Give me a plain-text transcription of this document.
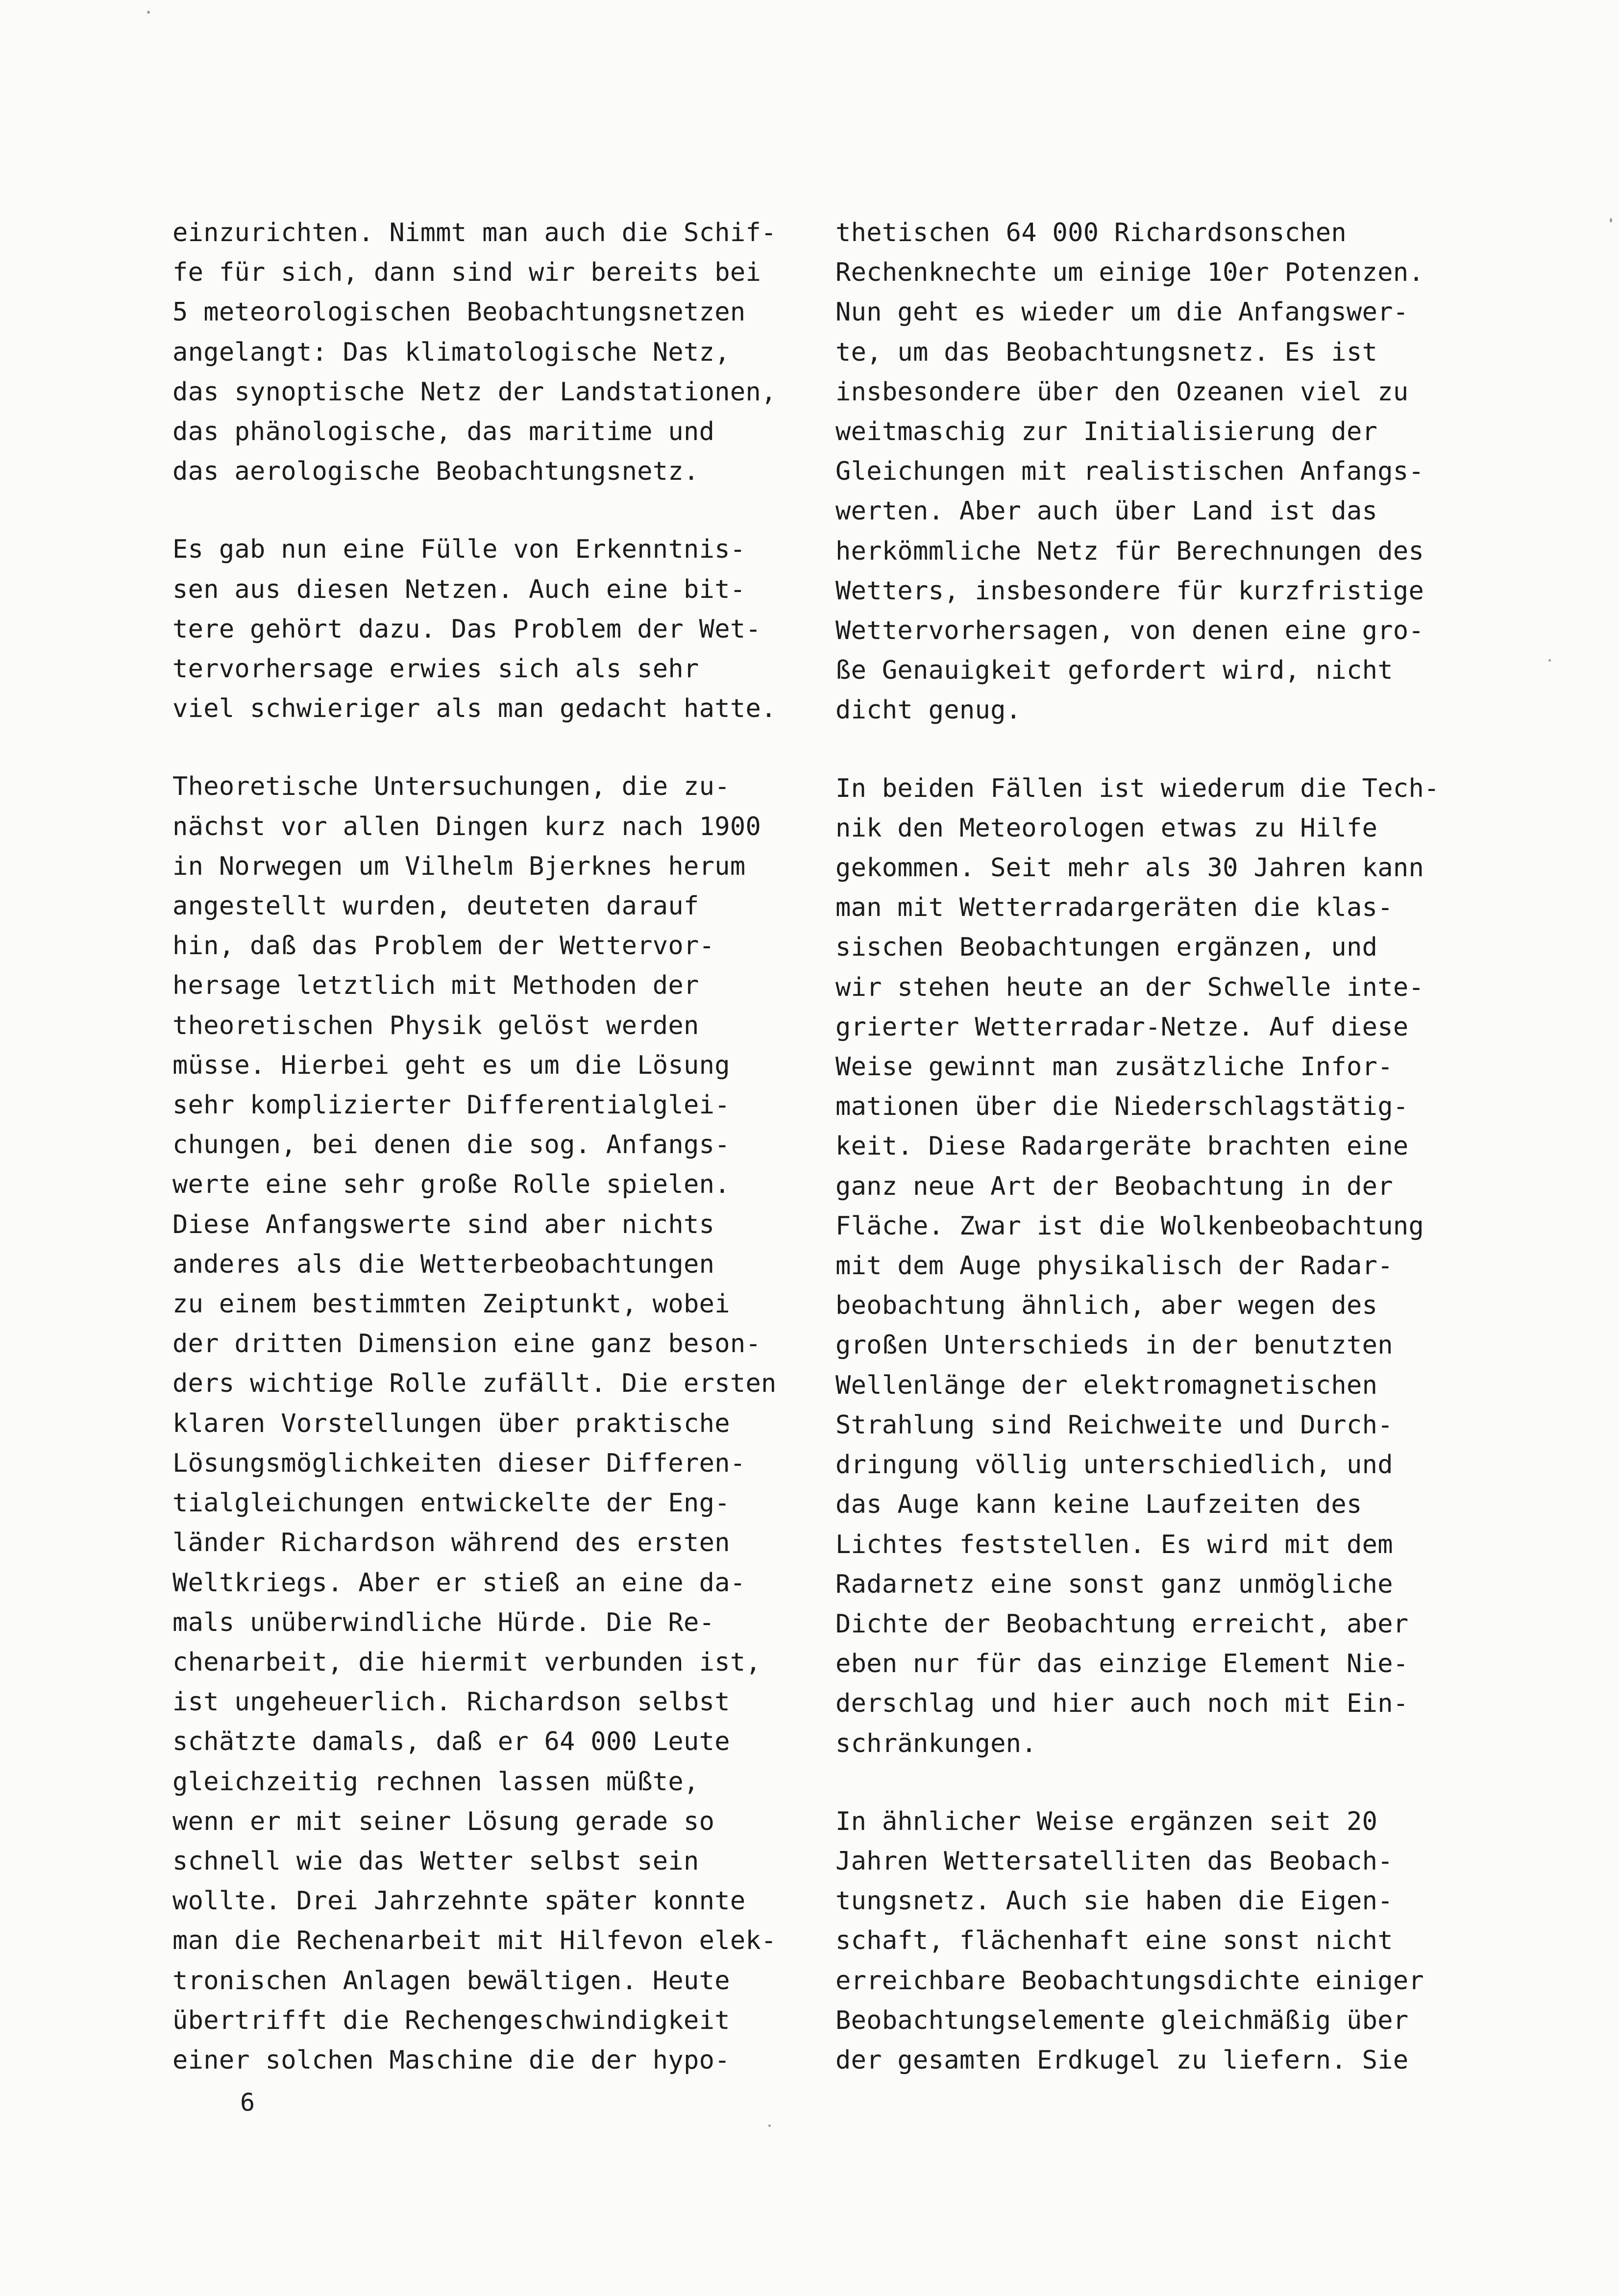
einzurichten. Nimmt man auch die Schif-
fe für sich, dann sind wir bereits bei
5 meteorologischen Beobachtungsnetzen
angelangt: Das klimatologische Netz,
das synoptische Netz der Landstationen,
das phänologische, das maritime und
das aerologische Beobachtungsnetz.
Es gab nun eine Fülle von Erkenntnis-
sen aus diesen Netzen. Auch eine bit-
tere gehört dazu. Das Problem der Wet-
tervorhersage erwies sich als sehr
viel schwieriger als man gedacht hatte.
Theoretische Untersuchungen, die zu-
nächst vor allen Dingen kurz nach 1900
in Norwegen um Vilhelm Bjerknes herum
angestellt wurden, deuteten darauf
hin, daß das Problem der Wettervor-
hersage letztlich mit Methoden der
theoretischen Physik gelöst werden
müsse. Hierbei geht es um die Lösung
sehr komplizierter Differentialglei-
chungen, bei denen die sog. Anfangs-
werte eine sehr große Rolle spielen.
Diese Anfangswerte sind aber nichts
anderes als die Wetterbeobachtungen
zu einem bestimmten Zeiptunkt, wobei
der dritten Dimension eine ganz beson-
ders wichtige Rolle zufällt. Die ersten
klaren Vorstellungen über praktische
Lösungsmöglichkeiten dieser Differen-
tialgleichungen entwickelte der Eng-
länder Richardson während des ersten
Weltkriegs. Aber er stieß an eine da-
mals unüberwindliche Hürde. Die Re-
chenarbeit, die hiermit verbunden ist,
ist ungeheuerlich. Richardson selbst
schätzte damals, daß er 64 000 Leute
gleichzeitig rechnen lassen müßte,
wenn er mit seiner Lösung gerade so
schnell wie das Wetter selbst sein
wollte. Drei Jahrzehnte später konnte
man die Rechenarbeit mit Hilfevon elek-
tronischen Anlagen bewältigen. Heute
übertrifft die Rechengeschwindigkeit
einer solchen Maschine die der hypo-
thetischen 64 000 Richardsonschen
Rechenknechte um einige 10er Potenzen.
Nun geht es wieder um die Anfangswer-
te, um das Beobachtungsnetz. Es ist
insbesondere über den Ozeanen viel zu
weitmaschig zur Initialisierung der
Gleichungen mit realistischen Anfangs-
werten. Aber auch über Land ist das
herkömmliche Netz für Berechnungen des
Wetters, insbesondere für kurzfristige
Wettervorhersagen, von denen eine gro-
ße Genauigkeit gefordert wird, nicht
dicht genug.
In beiden Fällen ist wiederum die Tech-
nik den Meteorologen etwas zu Hilfe
gekommen. Seit mehr als 30 Jahren kann
man mit Wetterradargeräten die klas-
sischen Beobachtungen ergänzen, und
wir stehen heute an der Schwelle inte-
grierter Wetterradar-Netze. Auf diese
Weise gewinnt man zusätzliche Infor-
mationen über die Niederschlagstätig-
keit. Diese Radargeräte brachten eine
ganz neue Art der Beobachtung in der
Fläche. Zwar ist die Wolkenbeobachtung
mit dem Auge physikalisch der Radar-
beobachtung ähnlich, aber wegen des
großen Unterschieds in der benutzten
Wellenlänge der elektromagnetischen
Strahlung sind Reichweite und Durch-
dringung völlig unterschiedlich, und
das Auge kann keine Laufzeiten des
Lichtes feststellen. Es wird mit dem
Radarnetz eine sonst ganz unmögliche
Dichte der Beobachtung erreicht, aber
eben nur für das einzige Element Nie-
derschlag und hier auch noch mit Ein-
schränkungen.
In ähnlicher Weise ergänzen seit 20
Jahren Wettersatelliten das Beobach-
tungsnetz. Auch sie haben die Eigen-
schaft, flächenhaft eine sonst nicht
erreichbare Beobachtungsdichte einiger
Beobachtungselemente gleichmäßig über
der gesamten Erdkugel zu liefern. Sie
6
